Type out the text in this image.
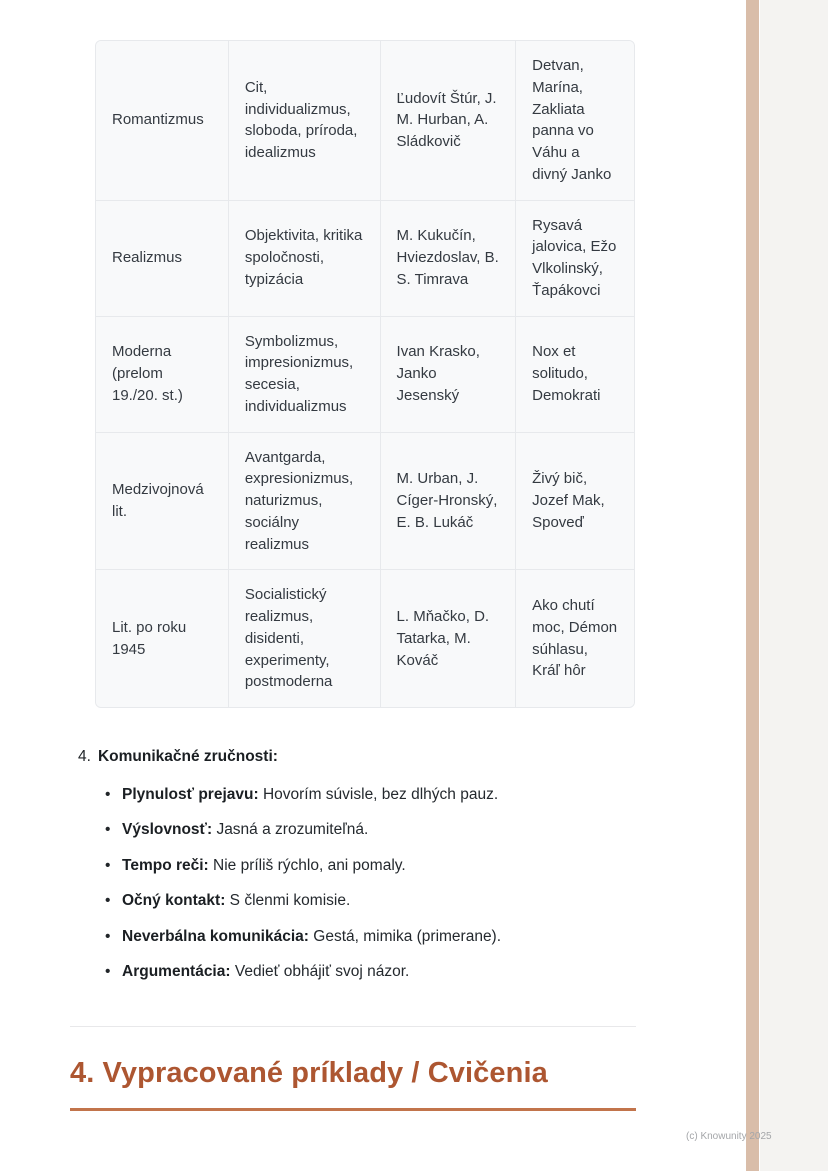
Romantizmus	Cit, individualizmus, sloboda, príroda, idealizmus	Ľudovít Štúr, J. M. Hurban, A. Sládkovič	Detvan, Marína, Zakliata panna vo Váhu a divný Janko
Realizmus	Objektivita, kritika spoločnosti, typizácia	M. Kukučín, Hviezdoslav, B. S. Timrava	Rysavá jalovica, Ežo Vlkolinský, Ťapákovci
Moderna (prelom 19./20. st.)	Symbolizmus, impresionizmus, secesia, individualizmus	Ivan Krasko, Janko Jesenský	Nox et solitudo, Demokrati
Medzivojnová lit.	Avantgarda, expresionizmus, naturizmus, sociálny realizmus	M. Urban, J. Cíger-Hronský, E. B. Lukáč	Živý bič, Jozef Mak, Spoveď
Lit. po roku 1945	Socialistický realizmus, disidenti, experimenty, postmoderna	L. Mňačko, D. Tatarka, M. Kováč	Ako chutí moc, Démon súhlasu, Kráľ hôr
4. Komunikačné zručnosti:
• Plynulosť prejavu: Hovorím súvisle, bez dlhých pauz.
• Výslovnosť: Jasná a zrozumiteľná.
• Tempo reči: Nie príliš rýchlo, ani pomaly.
• Očný kontakt: S členmi komisie.
• Neverbálna komunikácia: Gestá, mimika (primerane).
• Argumentácia: Vedieť obhájiť svoj názor.
4. Vypracované príklady / Cvičenia
(c) Knowunity 2025
